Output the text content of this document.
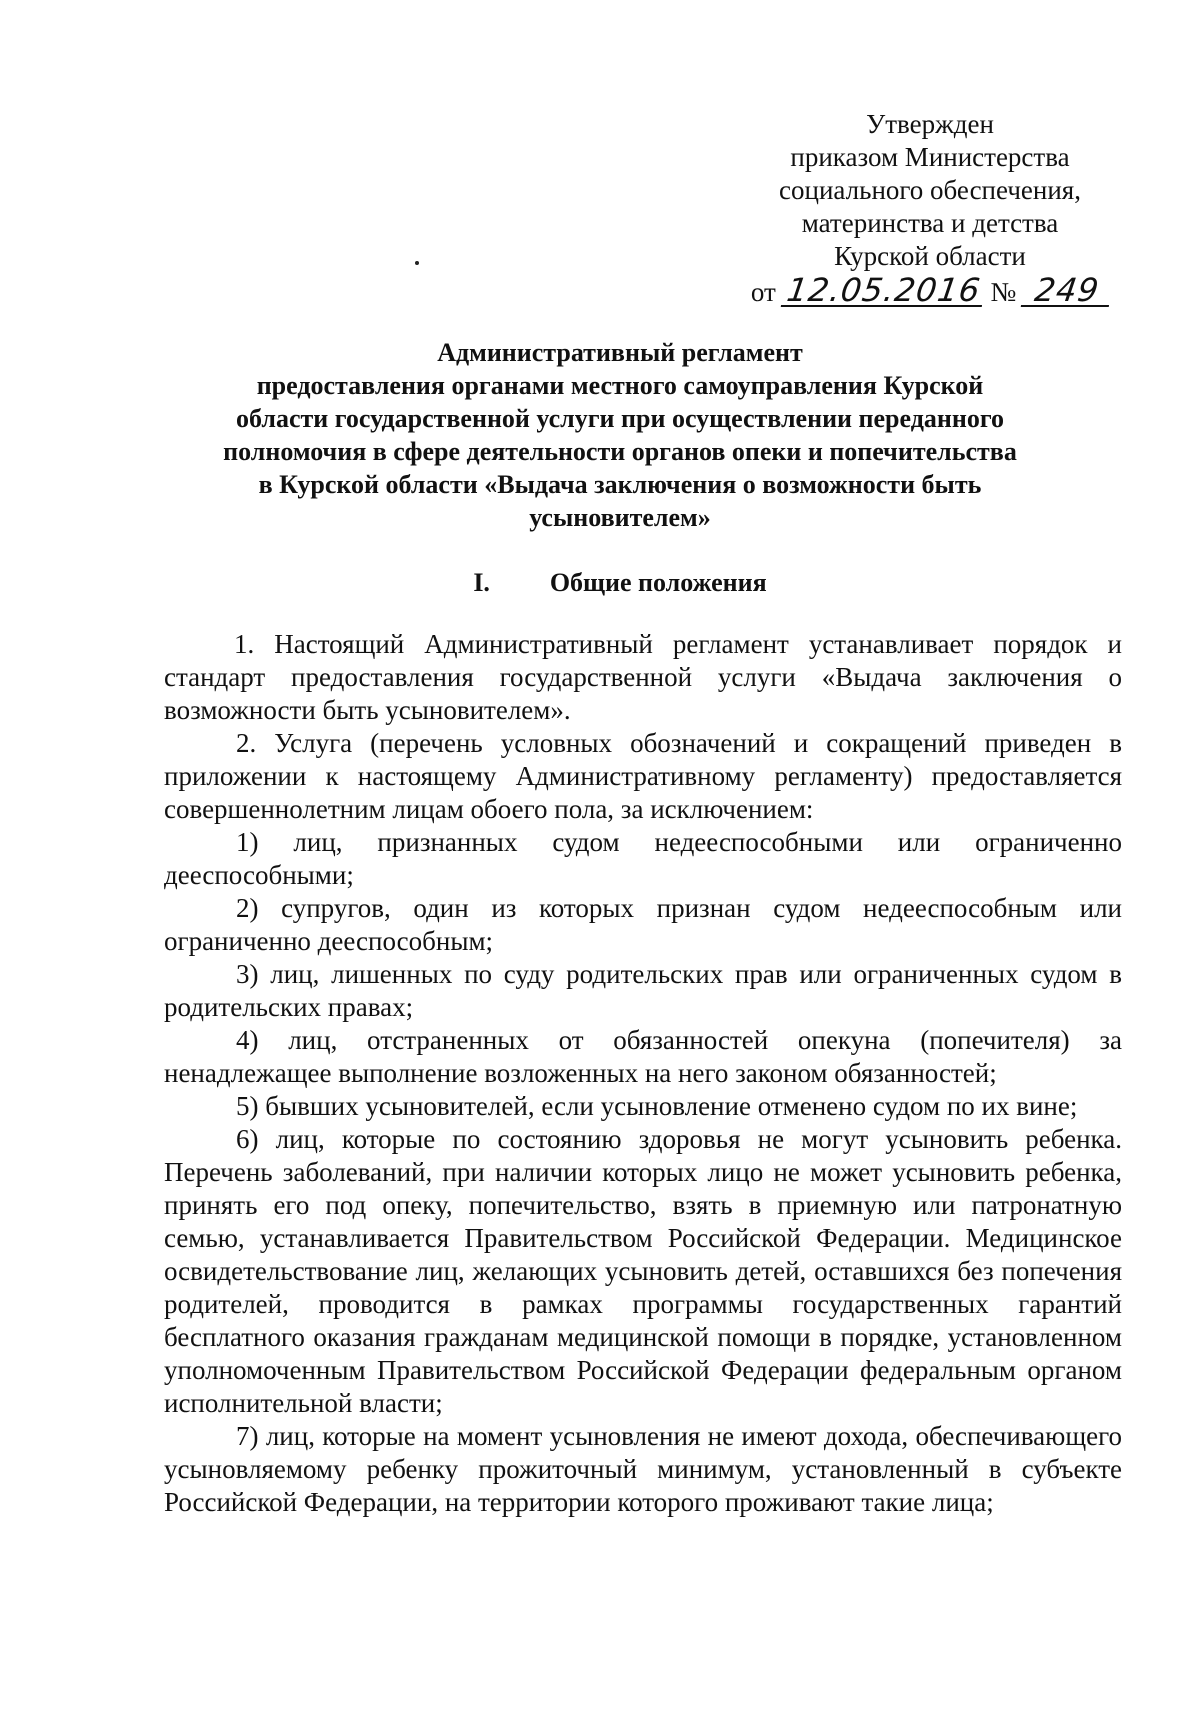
Утвержден
приказом Министерства
социального обеспечения,
материнства и детства
Курской области
от 12.05.2016 № 249
Административный регламент
предоставления органами местного самоуправления Курской
области государственной услуги при осуществлении переданного
полномочия в сфере деятельности органов опеки и попечительства
в Курской области «Выдача заключения о возможности быть
усыновителем»
I. Общие положения

1. Настоящий Административный регламент устанавливает порядок и стандарт предоставления государственной услуги «Выдача заключения о возможности быть усыновителем».

2. Услуга (перечень условных обозначений и сокращений приведен в приложении к настоящему Административному регламенту) предоставляется совершеннолетним лицам обоего пола, за исключением:

1) лиц, признанных судом недееспособными или ограниченно дееспособными;

2) супругов, один из которых признан судом недееспособным или ограниченно дееспособным;

3) лиц, лишенных по суду родительских прав или ограниченных судом в родительских правах;

4) лиц, отстраненных от обязанностей опекуна (попечителя) за ненадлежащее выполнение возложенных на него законом обязанностей;

5) бывших усыновителей, если усыновление отменено судом по их вине;

6) лиц, которые по состоянию здоровья не могут усыновить ребенка. Перечень заболеваний, при наличии которых лицо не может усыновить ребенка, принять его под опеку, попечительство, взять в приемную или патронатную семью, устанавливается Правительством Российской Федерации. Медицинское освидетельствование лиц, желающих усыновить детей, оставшихся без попечения родителей, проводится в рамках программы государственных гарантий бесплатного оказания гражданам медицинской помощи в порядке, установленном уполномоченным Правительством Российской Федерации федеральным органом исполнительной власти;

7) лиц, которые на момент усыновления не имеют дохода, обеспечивающего усыновляемому ребенку прожиточный минимум, установленный в субъекте Российской Федерации, на территории которого проживают такие лица;
